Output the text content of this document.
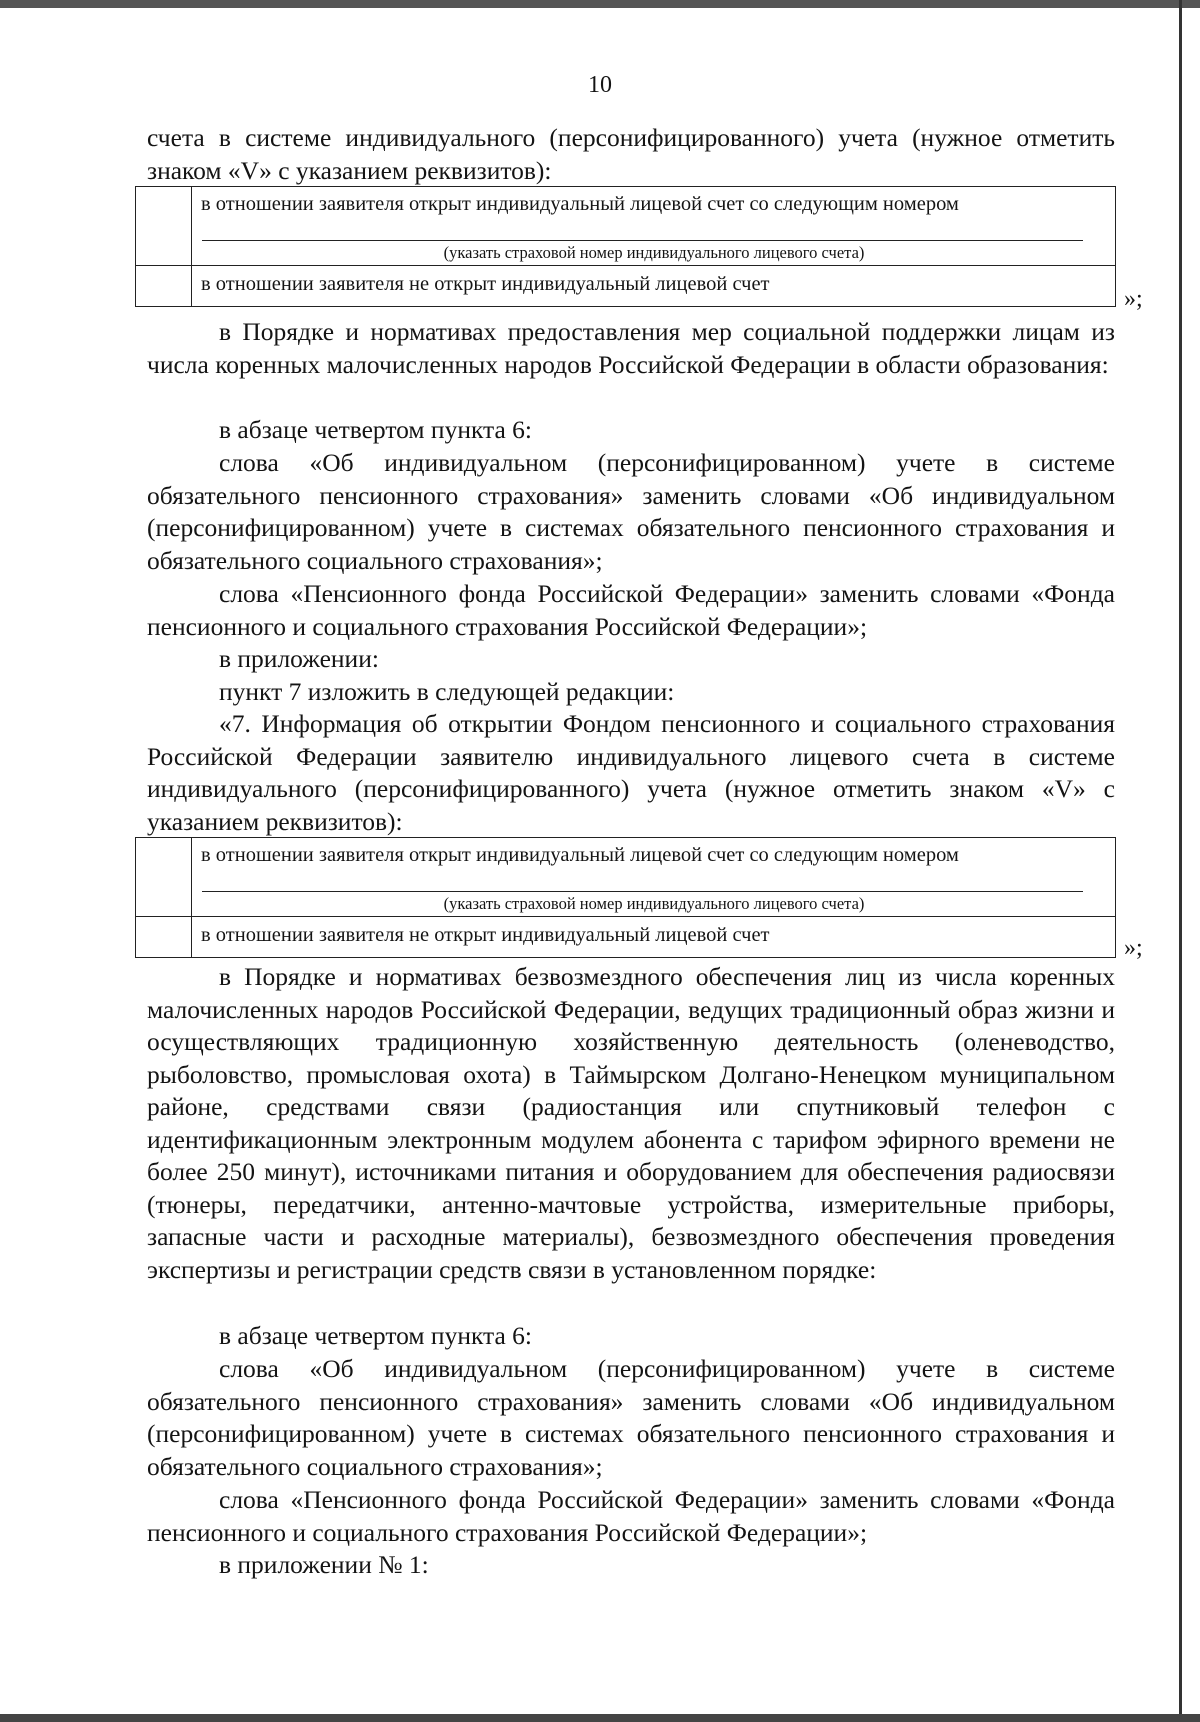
10

счета в системе индивидуального (персонифицированного) учета (нужное отметить знаком «V» с указанием реквизитов):

в отношении заявителя открыт индивидуальный лицевой счет со следующим номером
(указать страховой номер индивидуального лицевого счета)
в отношении заявителя не открыт индивидуальный лицевой счет
»;

в Порядке и нормативах предоставления мер социальной поддержки лицам из числа коренных малочисленных народов Российской Федерации в области образования:

в абзаце четвертом пункта 6:

слова «Об индивидуальном (персонифицированном) учете в системе обязательного пенсионного страхования» заменить словами «Об индивидуальном (персонифицированном) учете в системах обязательного пенсионного страхования и обязательного социального страхования»;

слова «Пенсионного фонда Российской Федерации» заменить словами «Фонда пенсионного и социального страхования Российской Федерации»;

в приложении:

пункт 7 изложить в следующей редакции:

«7. Информация об открытии Фондом пенсионного и социального страхования Российской Федерации заявителю индивидуального лицевого счета в системе индивидуального (персонифицированного) учета (нужное отметить знаком «V» с указанием реквизитов):

в отношении заявителя открыт индивидуальный лицевой счет со следующим номером
(указать страховой номер индивидуального лицевого счета)
в отношении заявителя не открыт индивидуальный лицевой счет	»;

в Порядке и нормативах безвозмездного обеспечения лиц из числа коренных малочисленных народов Российской Федерации, ведущих традиционный образ жизни и осуществляющих традиционную хозяйственную деятельность (оленеводство, рыболовство, промысловая охота) в Таймырском Долгано-Ненецком муниципальном районе, средствами связи (радиостанция или спутниковый телефон с идентификационным электронным модулем абонента с тарифом эфирного времени не более 250 минут), источниками питания и оборудованием для обеспечения радиосвязи (тюнеры, передатчики, антенно-мачтовые устройства, измерительные приборы, запасные части и расходные материалы), безвозмездного обеспечения проведения экспертизы и регистрации средств связи в установленном порядке:

в абзаце четвертом пункта 6:

слова «Об индивидуальном (персонифицированном) учете в системе обязательного пенсионного страхования» заменить словами «Об индивидуальном (персонифицированном) учете в системах обязательного пенсионного страхования и обязательного социального страхования»;

слова «Пенсионного фонда Российской Федерации» заменить словами «Фонда пенсионного и социального страхования Российской Федерации»;

в приложении № 1:
